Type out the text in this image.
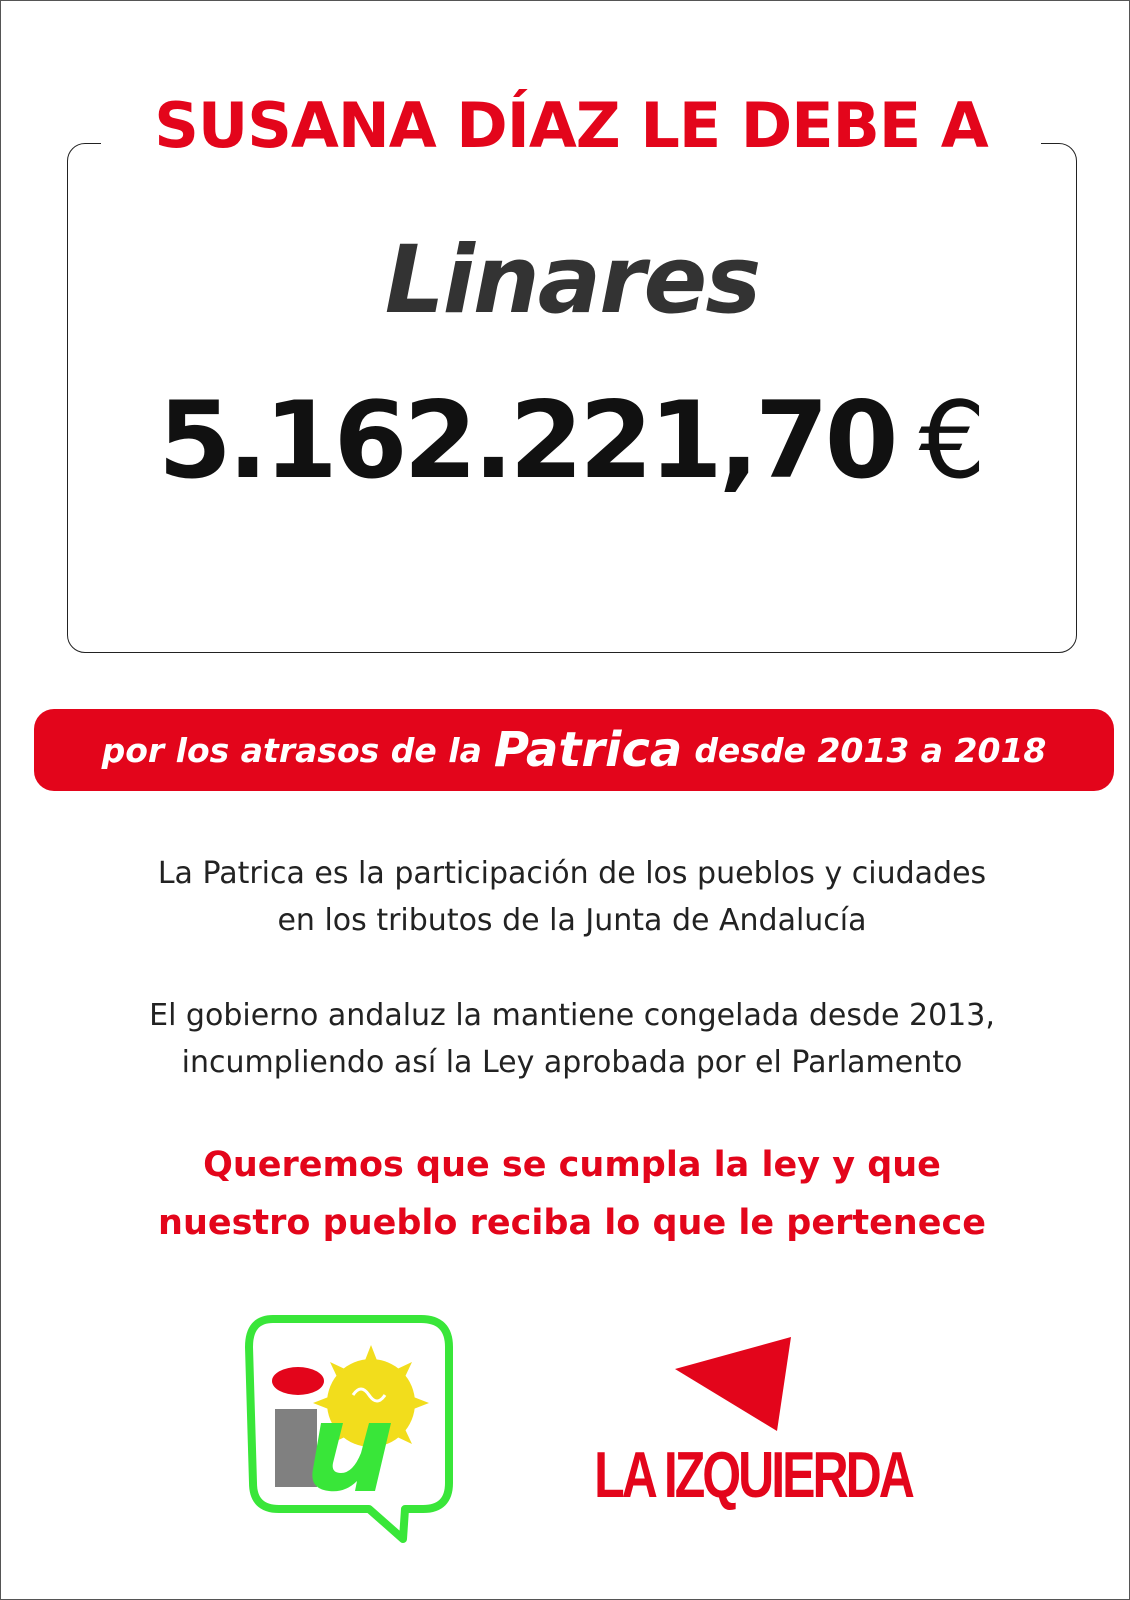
SUSANA DÍAZ LE DEBE A
Linares
5.162.221,70 €
por los atrasos de la Patrica desde 2013 a 2018
La Patrica es la participación de los pueblos y ciudades
en los tributos de la Junta de Andalucía
El gobierno andaluz la mantiene congelada desde 2013,
incumpliendo así la Ley aprobada por el Parlamento
Queremos que se cumpla la ley y que
nuestro pueblo reciba lo que le pertenece
LA IZQUIERDA
